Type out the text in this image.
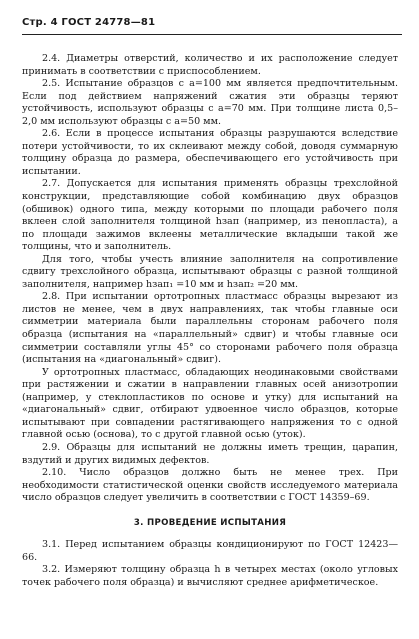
Стр. 4 ГОСТ 24778—81

2.4. Диаметры отверстий, количество и их расположение следует принимать в соответствии с приспособлением.

2.5. Испытание образцов с a=100 мм является предпочтительным. Если под действием напряжений сжатия эти образцы теряют устойчивость, используют образцы с a=70 мм. При толщине листа 0,5–2,0 мм используют образцы с a=50 мм.

2.6. Если в процессе испытания образцы разрушаются вследствие потери устойчивости, то их склеивают между собой, доводя суммарную толщину образца до размера, обеспечивающего его устойчивость при испытании.

2.7. Допускается для испытания применять образцы трехслойной конструкции, представляющие собой комбинацию двух образцов (обшивок) одного типа, между которыми по площади рабочего поля вклеен слой заполнителя толщиной hзап (например, из пенопласта), а по площади зажимов вклеены металлические вкладыши такой же толщины, что и заполнитель.

Для того, чтобы учесть влияние заполнителя на сопротивление сдвигу трехслойного образца, испытывают образцы с разной толщиной заполнителя, например hзап₁ =10 мм и hзап₂ =20 мм.

2.8. При испытании ортотропных пластмасс образцы вырезают из листов не менее, чем в двух направлениях, так чтобы главные оси симметрии материала были параллельны сторонам рабочего поля образца (испытания на «параллельный» сдвиг) и чтобы главные оси симметрии составляли углы 45° со сторонами рабочего поля образца (испытания на «диагональный» сдвиг).

У ортотропных пластмасс, обладающих неодинаковыми свойствами при растяжении и сжатии в направлении главных осей анизотропии (например, у стеклопластиков по основе и утку) для испытаний на «диагональный» сдвиг, отбирают удвоенное число образцов, которые испытывают при совпадении растягивающего напряжения то с одной главной осью (основа), то с другой главной осью (уток).

2.9. Образцы для испытаний не должны иметь трещин, царапин, вздутий и других видимых дефектов.

2.10. Число образцов должно быть не менее трех. При необходимости статистической оценки свойств исследуемого материала число образцов следует увеличить в соответствии с ГОСТ 14359–69.

3. ПРОВЕДЕНИЕ ИСПЫТАНИЯ

3.1. Перед испытанием образцы кондиционируют по ГОСТ 12423—66.

3.2. Измеряют толщину образца h в четырех местах (около угловых точек рабочего поля образца) и вычисляют среднее арифметическое.
